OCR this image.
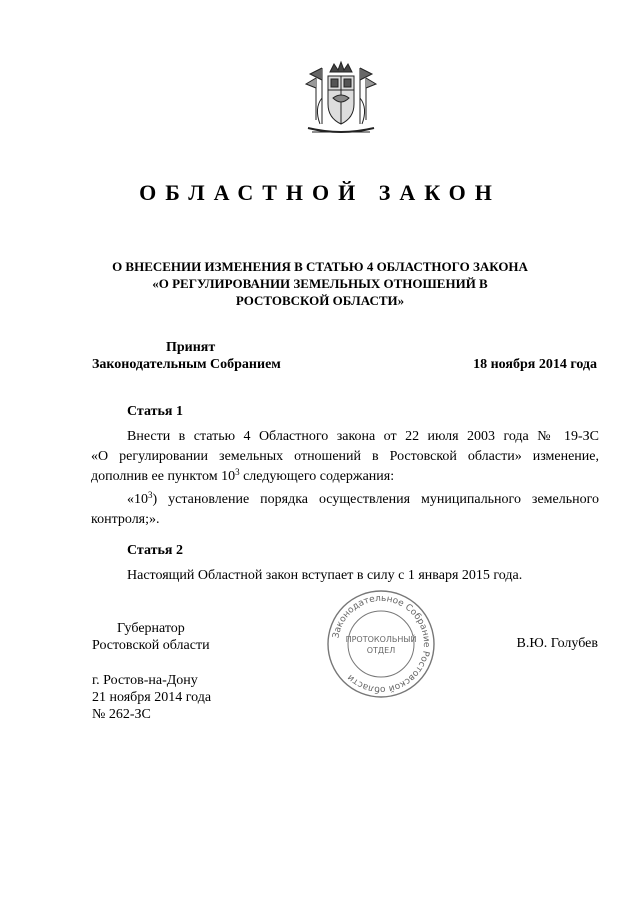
ОБЛАСТНОЙ ЗАКОН
О ВНЕСЕНИИ ИЗМЕНЕНИЯ В СТАТЬЮ 4 ОБЛАСТНОГО ЗАКОНА
«О РЕГУЛИРОВАНИИ ЗЕМЕЛЬНЫХ ОТНОШЕНИЙ В
РОСТОВСКОЙ ОБЛАСТИ»
Принят
Законодательным Собранием	18 ноября 2014 года
Статья 1
Внести в статью 4 Областного закона от 22 июля 2003 года № 19-ЗС
«О регулировании земельных отношений в Ростовской области» изменение,
дополнив ее пунктом $10^3$ следующего содержания:
«$10^3$) установление порядка осуществления муниципального земельного
контроля;».
Статья 2
Настоящий Областной закон вступает в силу с 1 января 2015 года.
Губернатор
Ростовской области	В.Ю. Голубев
Законодательное Собрание Ростовской области
ПРОТОКОЛЬНЫЙ
ОТДЕЛ
г. Ростов-на-Дону
21 ноября 2014 года
№ 262-ЗС
